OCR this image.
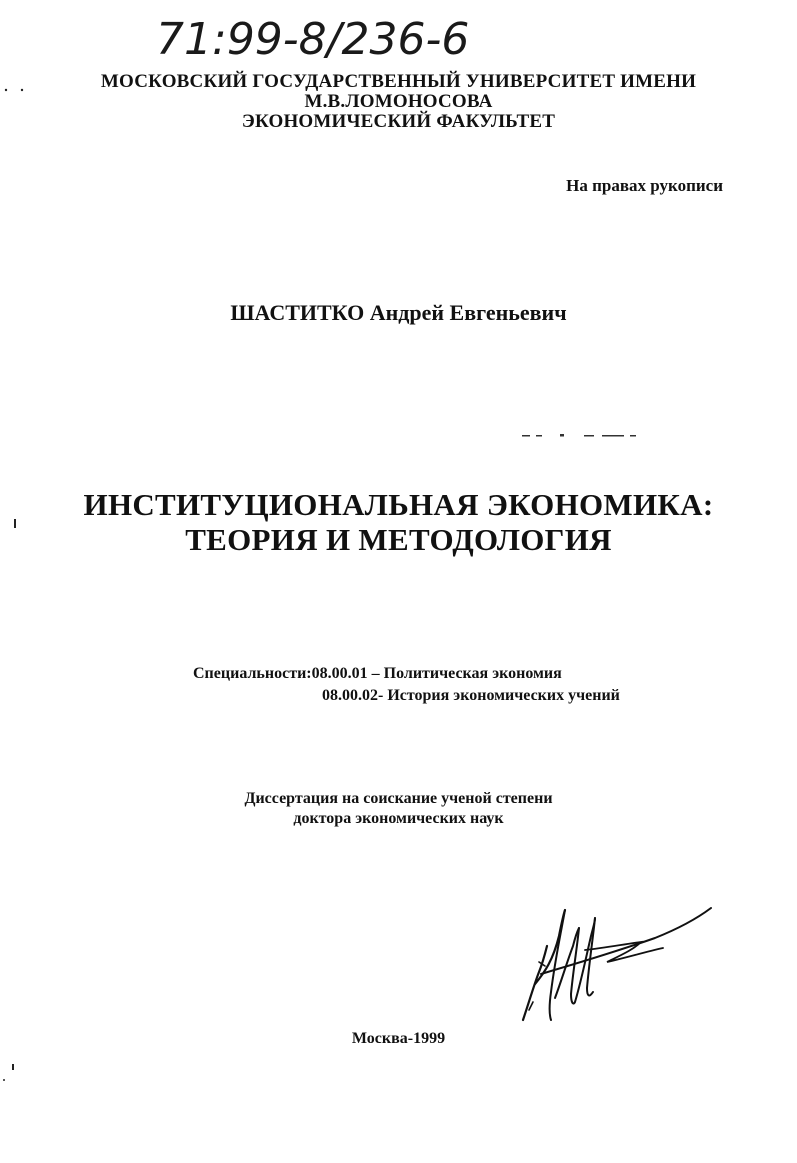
71:99-8/236-6
МОСКОВСКИЙ ГОСУДАРСТВЕННЫЙ УНИВЕРСИТЕТ ИМЕНИ
М.В.ЛОМОНОСОВА
ЭКОНОМИЧЕСКИЙ ФАКУЛЬТЕТ
На правах рукописи
ШАСТИТКО Андрей Евгеньевич
ИНСТИТУЦИОНАЛЬНАЯ ЭКОНОМИКА:
ТЕОРИЯ И МЕТОДОЛОГИЯ
Специальности:08.00.01 – Политическая экономия
08.00.02- История экономических учений
Диссертация на соискание ученой степени
доктора экономических наук
Москва-1999
